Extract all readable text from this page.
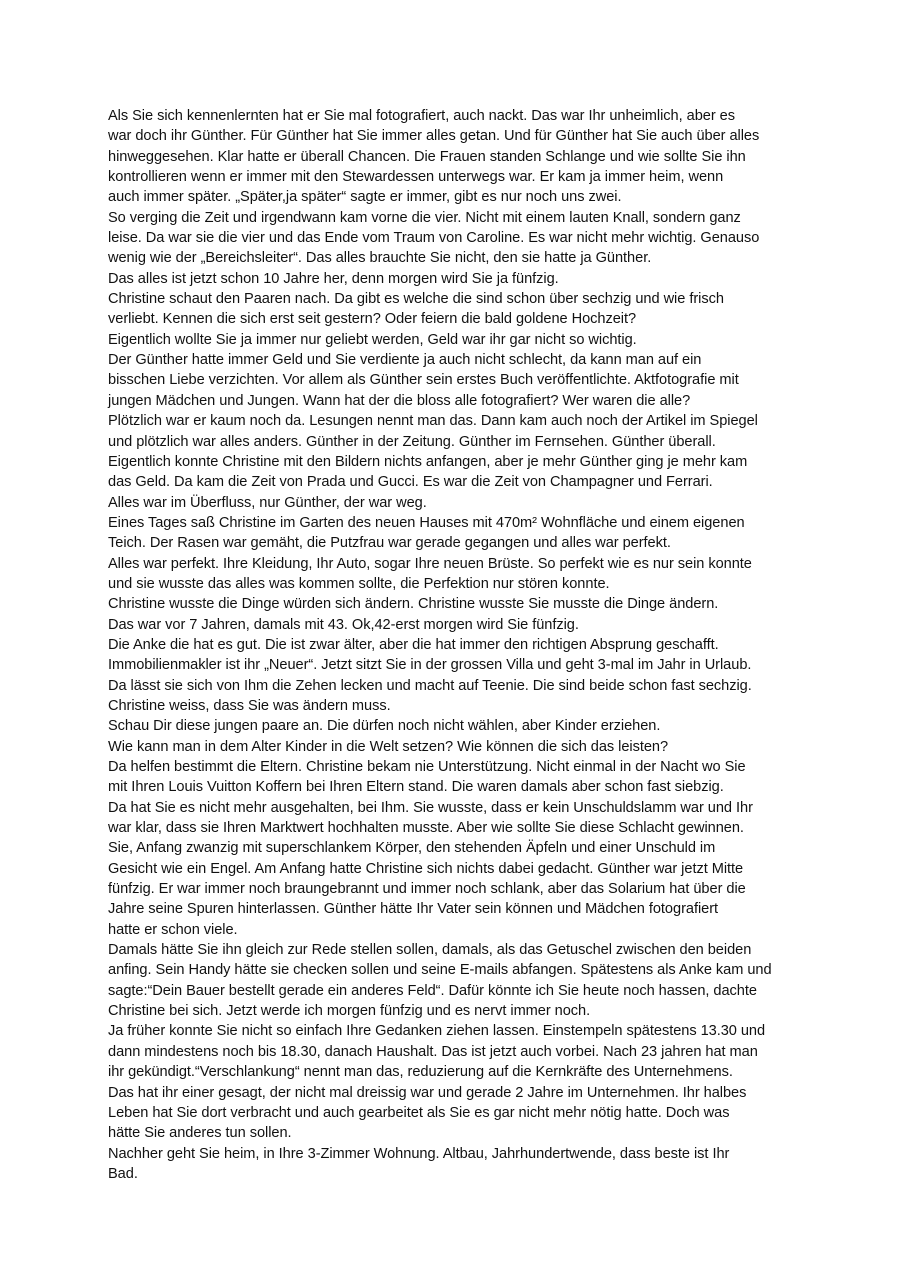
Als Sie sich kennenlernten hat er Sie mal fotografiert, auch nackt. Das war Ihr unheimlich, aber es
war doch ihr Günther. Für Günther hat Sie immer alles getan. Und für Günther hat Sie auch über alles
hinweggesehen. Klar hatte er überall Chancen. Die Frauen standen Schlange und wie sollte Sie ihn
kontrollieren wenn er immer mit den Stewardessen unterwegs war. Er kam ja immer heim, wenn
auch immer später. „Später,ja später“ sagte er immer, gibt es nur noch uns zwei.
So verging die Zeit und irgendwann kam vorne die vier. Nicht mit einem lauten Knall, sondern ganz
leise. Da war sie die vier und das Ende vom Traum von Caroline. Es war nicht mehr wichtig. Genauso
wenig wie der „Bereichsleiter“. Das alles brauchte Sie nicht, den sie hatte ja Günther.
Das alles ist jetzt schon 10 Jahre her, denn morgen wird Sie ja fünfzig.
Christine schaut den Paaren nach. Da gibt es welche die sind schon über sechzig und wie frisch
verliebt. Kennen die sich erst seit gestern? Oder feiern die bald goldene Hochzeit?
Eigentlich wollte Sie ja immer nur geliebt werden, Geld war ihr gar nicht so wichtig.
Der Günther hatte immer Geld und Sie verdiente ja auch nicht schlecht, da kann man auf ein
bisschen Liebe verzichten. Vor allem als Günther sein erstes Buch veröffentlichte. Aktfotografie mit
jungen Mädchen und Jungen. Wann hat der die bloss alle fotografiert? Wer waren die alle?
Plötzlich war er kaum noch da. Lesungen nennt man das. Dann kam auch noch der Artikel im Spiegel
und plötzlich war alles anders. Günther in der Zeitung. Günther im Fernsehen. Günther überall.
Eigentlich konnte Christine mit den Bildern nichts anfangen, aber je mehr Günther ging je mehr kam
das Geld. Da kam die Zeit von Prada und Gucci. Es war die Zeit von Champagner und Ferrari.
Alles war im Überfluss, nur Günther, der war weg.
Eines Tages saß Christine im Garten des neuen Hauses mit 470m² Wohnfläche und einem eigenen
Teich. Der Rasen war gemäht, die Putzfrau war gerade gegangen und alles war perfekt.
Alles war perfekt. Ihre Kleidung, Ihr Auto, sogar Ihre neuen Brüste. So perfekt wie es nur sein konnte
und sie wusste das alles was kommen sollte, die Perfektion nur stören konnte.
Christine wusste die Dinge würden sich ändern. Christine wusste Sie musste die Dinge ändern.
Das war vor 7 Jahren, damals mit 43. Ok,42-erst morgen wird Sie fünfzig.
Die Anke die hat es gut. Die ist zwar älter, aber die hat immer den richtigen Absprung geschafft.
Immobilienmakler ist ihr „Neuer“. Jetzt sitzt Sie in der grossen Villa und geht 3-mal im Jahr in Urlaub.
Da lässt sie sich von Ihm die Zehen lecken und macht auf Teenie. Die sind beide schon fast sechzig.
Christine weiss, dass Sie was ändern muss.
Schau Dir diese jungen paare an. Die dürfen noch nicht wählen, aber Kinder erziehen.
Wie kann man in dem Alter Kinder in die Welt setzen? Wie können die sich das leisten?
Da helfen bestimmt die Eltern. Christine bekam nie Unterstützung. Nicht einmal in der Nacht wo Sie
mit Ihren Louis Vuitton Koffern bei Ihren Eltern stand. Die waren damals aber schon fast siebzig.
Da hat Sie es nicht mehr ausgehalten, bei Ihm. Sie wusste, dass er kein Unschuldslamm war und Ihr
war klar, dass sie Ihren Marktwert hochhalten musste. Aber wie sollte Sie diese Schlacht gewinnen.
Sie, Anfang zwanzig mit superschlankem Körper, den stehenden Äpfeln und einer Unschuld im
Gesicht wie ein Engel. Am Anfang hatte Christine sich nichts dabei gedacht. Günther war jetzt Mitte
fünfzig. Er war immer noch braungebrannt und immer noch schlank, aber das Solarium hat über die
Jahre seine Spuren hinterlassen. Günther hätte Ihr Vater sein können und Mädchen fotografiert
hatte er schon viele.
Damals hätte Sie ihn gleich zur Rede stellen sollen, damals, als das Getuschel zwischen den beiden
anfing. Sein Handy hätte sie checken sollen und seine E-mails abfangen. Spätestens als Anke kam und
sagte:“Dein Bauer bestellt gerade ein anderes Feld“. Dafür könnte ich Sie heute noch hassen, dachte
Christine bei sich. Jetzt werde ich morgen fünfzig und es nervt immer noch.
Ja früher konnte Sie nicht so einfach Ihre Gedanken ziehen lassen. Einstempeln spätestens 13.30 und
dann mindestens noch bis 18.30, danach Haushalt. Das ist jetzt auch vorbei. Nach 23 jahren hat man
ihr gekündigt.“Verschlankung“ nennt man das, reduzierung auf die Kernkräfte des Unternehmens.
Das hat ihr einer gesagt, der nicht mal dreissig war und gerade 2 Jahre im Unternehmen. Ihr halbes
Leben hat Sie dort verbracht und auch gearbeitet als Sie es gar nicht mehr nötig hatte. Doch was
hätte Sie anderes tun sollen.
Nachher geht Sie heim, in Ihre 3-Zimmer Wohnung. Altbau, Jahrhundertwende, dass beste ist Ihr
Bad.
